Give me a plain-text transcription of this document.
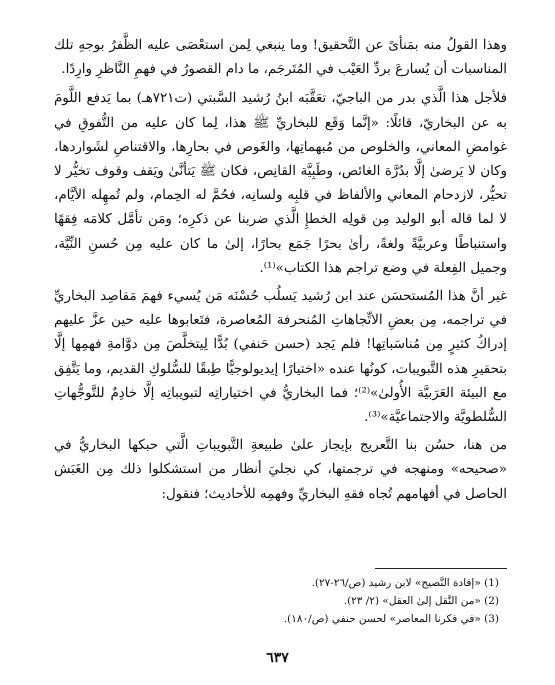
وهذا القولُ منه بمَنأىً عن التَّحقيق! وما ينبغي لِمن استعْصَى عليه الظَّفرُ بوجهِ تلك المناسبات أن يُسارعَ بردِّ العَيْب في المُتَرجَم، ما دام القصورُ في فهمِ النَّاظرِ وارِدًا.

فلأجل هذا الَّذي بدر من الباجيّ، تعَقَّبَه ابنُ رُشيد السَّبتي (ت٧٢١هـ) بما يَدفع اللَّومَ به عن البخاريّ، قائلًا: «إنَّما وَقَع للبخاريِّ ﷺ هذا، لِما كان عليه من التُّفوقِ في غوامضِ المعاني، والخلوص من مُبهماتِها، والغَوص في بحارِها، والاقتناصِ لشَواردها، وكان لا يَرضىٰ إلَّا بدُرَّة الغائص، وطَبِيَّة القانِص، فكان ﷺ يَتأنَّىٰ ويَقف وقوف تخيُّر لا تحيُّر، لازدحام المعاني والألفاظ في قلبِه ولسانِه، فحُمَّ له الحِمام، ولم تُمهِله الأيَّام، لا لما قاله أبو الوليد مِن قولِه الخطإِ الَّذي ضربنا عن ذكرِه؛ ومَن تأمَّل كلامَه فِقهًا واستنباطًا وعربيَّةً ولغةً، رأىٰ بحرًا جَمَع بحارًا، إلىٰ ما كان عليه مِن حُسنِ النِّيَّة، وجميل الفِعلة في وضع تراجم هذا الكتاب»⁽¹⁾.

غير أنَّ هذا المُستحسَن عند ابن رُشيد يَسلُب حُسْنَه مَن يُسيء فهمَ مَقاصِد البخاريِّ في تراجمه، مِن بعضِ الاتِّجاهاتِ المُنحرفة المُعاصرة، فتَعابوها عليه حين عزَّ عليهم إدراكُ كثيرٍ مِن مُناسَباتِها! فلم يَجد (حسن حَنفي) بُدًّا لِيتخلَّصَ مِن دوَّامةِ فهمِها إلَّا بتحقيرِ هذه التَّبويبات، كونُها عنده «اختيارًا إيديولوجيًّا طِبقًا للسُّلوكِ القديم، وما يَتَّفِق مع البيئة العَرَبيَّة الأُولىٰ»⁽²⁾؛ فما البخاريُّ في اختياراتِه لتبويباتِه إلَّا خادِمٌ للتَّوجُّهاتِ السُّلطويَّة والاجتماعيَّة»⁽³⁾.

من هنا، حسُن بنا التَّعريج بإيجاز علىٰ طبيعةِ التَّبويباتِ الَّتي حبكها البخاريُّ في «صحيحه» ومنهجه في ترجمتها، كي نجليَ أنظار من استشكلوا ذلك مِن الغَبَش الحاصل في أفهامهم تُجاه فقهِ البخاريِّ وفهمِه للأحاديث؛ فنقول:

(1) «إفادة النَّصيح» لابن رشيد (ص/٢٦-٢٧).

(2) «من النَّقل إلىٰ العقل» (٢/ ٢٣).

(3) «في فكرنا المعاصر» لحسن حنفي (ص/١٨٠).

٦٣٧
